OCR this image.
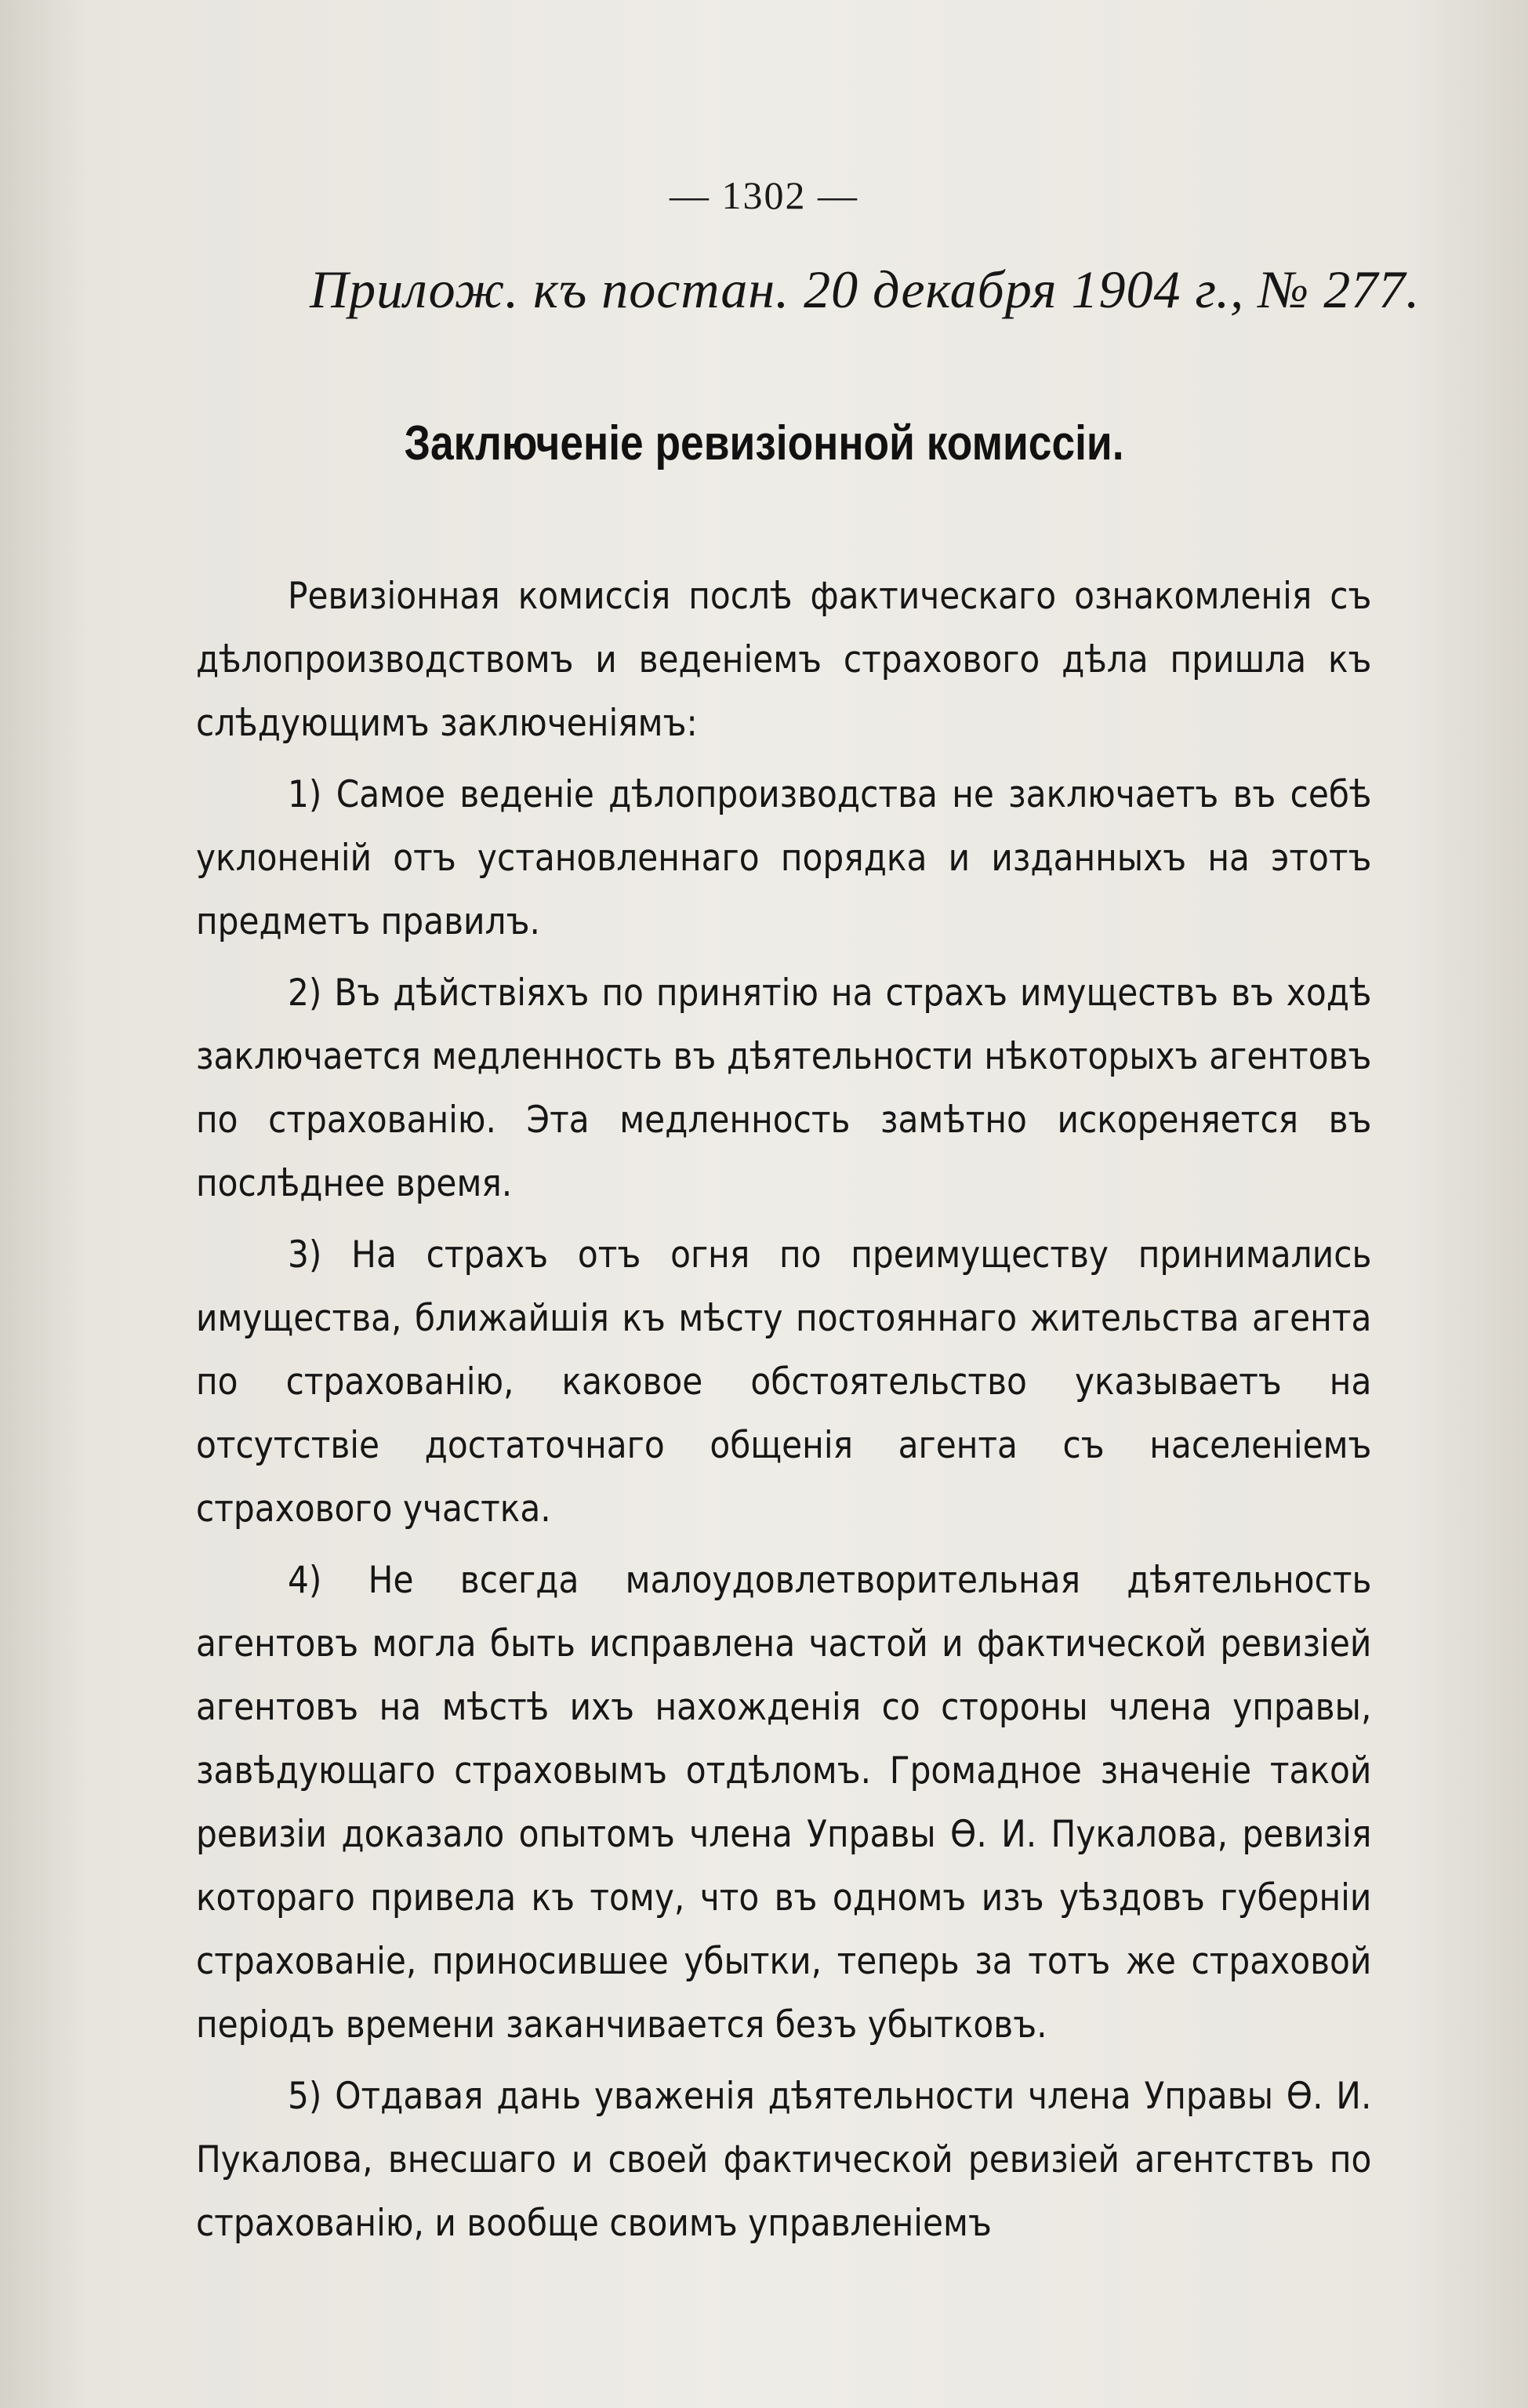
— 1302 —
Прилож. къ постан. 20 декабря 1904 г., № 277.
Заключенiе ревизiонной комиссiи.

Ревизiонная комиссiя послѣ фактическаго ознакомленiя съ дѣлопроизводствомъ и веденiемъ страхового дѣла пришла къ слѣдующимъ заключенiямъ:

1) Самое веденiе дѣлопроизводства не заключаетъ въ себѣ уклоненiй отъ установленнаго порядка и изданныхъ на этотъ предметъ правилъ.

2) Въ дѣйствiяхъ по принятiю на страхъ имуществъ въ ходѣ заключается медленность въ дѣятельности нѣкоторыхъ агентовъ по страхованiю. Эта медленность замѣтно искореняется въ послѣднее время.

3) На страхъ отъ огня по преимуществу принимались имущества, ближайшiя къ мѣсту постояннаго жительства агента по страхованiю, каковое обстоятельство указываетъ на отсутствiе достаточнаго общенiя агента съ населенiемъ страхового участка.

4) Не всегда малоудовлетворительная дѣятельность агентовъ могла быть исправлена частой и фактической ревизiей агентовъ на мѣстѣ ихъ нахожденiя со стороны члена управы, завѣдующаго страховымъ отдѣломъ. Громадное значенiе такой ревизiи доказало опытомъ члена Управы Ѳ. И. Пукалова, ревизiя котораго привела къ тому, что въ одномъ изъ уѣздовъ губернiи страхованiе, приносившее убытки, теперь за тотъ же страховой перiодъ времени заканчивается безъ убытковъ.

5) Отдавая дань уваженiя дѣятельности члена Управы Ѳ. И. Пукалова, внесшаго и своей фактической ревизiей агентствъ по страхованiю, и вообще своимъ управленiемъ
